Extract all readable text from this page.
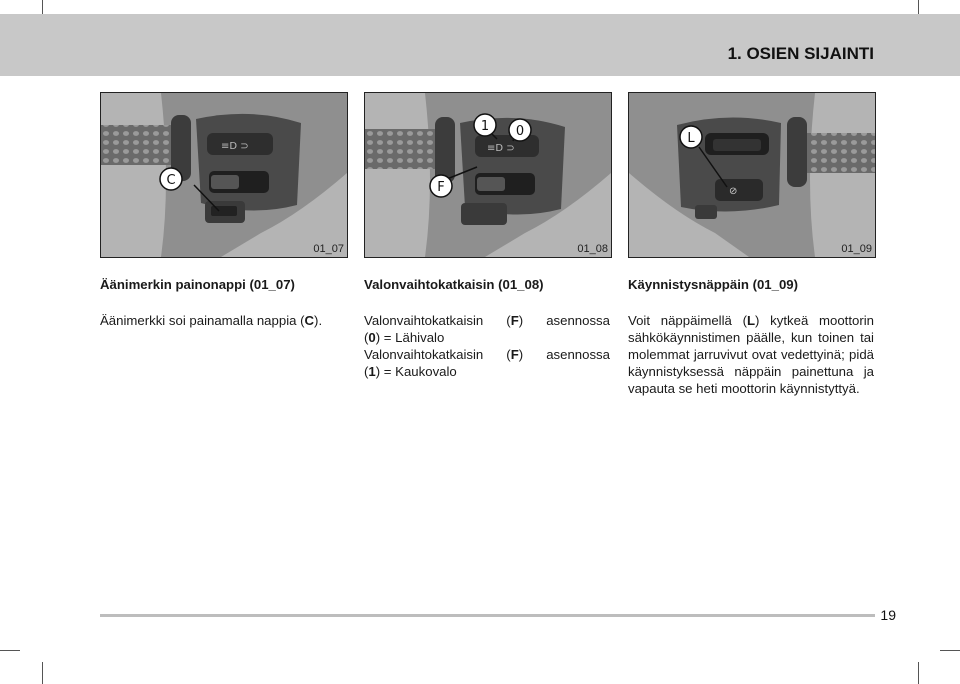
1. OSIEN SIJAINTI
≡D ⊃
C
01_07
≡D ⊃
1 0
F
01_08
⊘
L
01_09
Äänimerkin painonappi (01_07)

Äänimerkki soi painamalla nappia (C).

Valonvaihtokatkaisin (01_08)
Valonvaihtokatkaisin (F) asennossa
(0) = Lähivalo
Valonvaihtokatkaisin (F) asennossa
(1) = Kaukovalo
Käynnistysnäppäin (01_09)

Voit näppäimellä (L) kytkeä moottorin sähkökäynnistimen päälle, kun toinen tai molemmat jarruvivut ovat vedettyinä; pidä käynnistyksessä näppäin painettuna ja vapauta se heti moottorin käynnistyttyä.

19
